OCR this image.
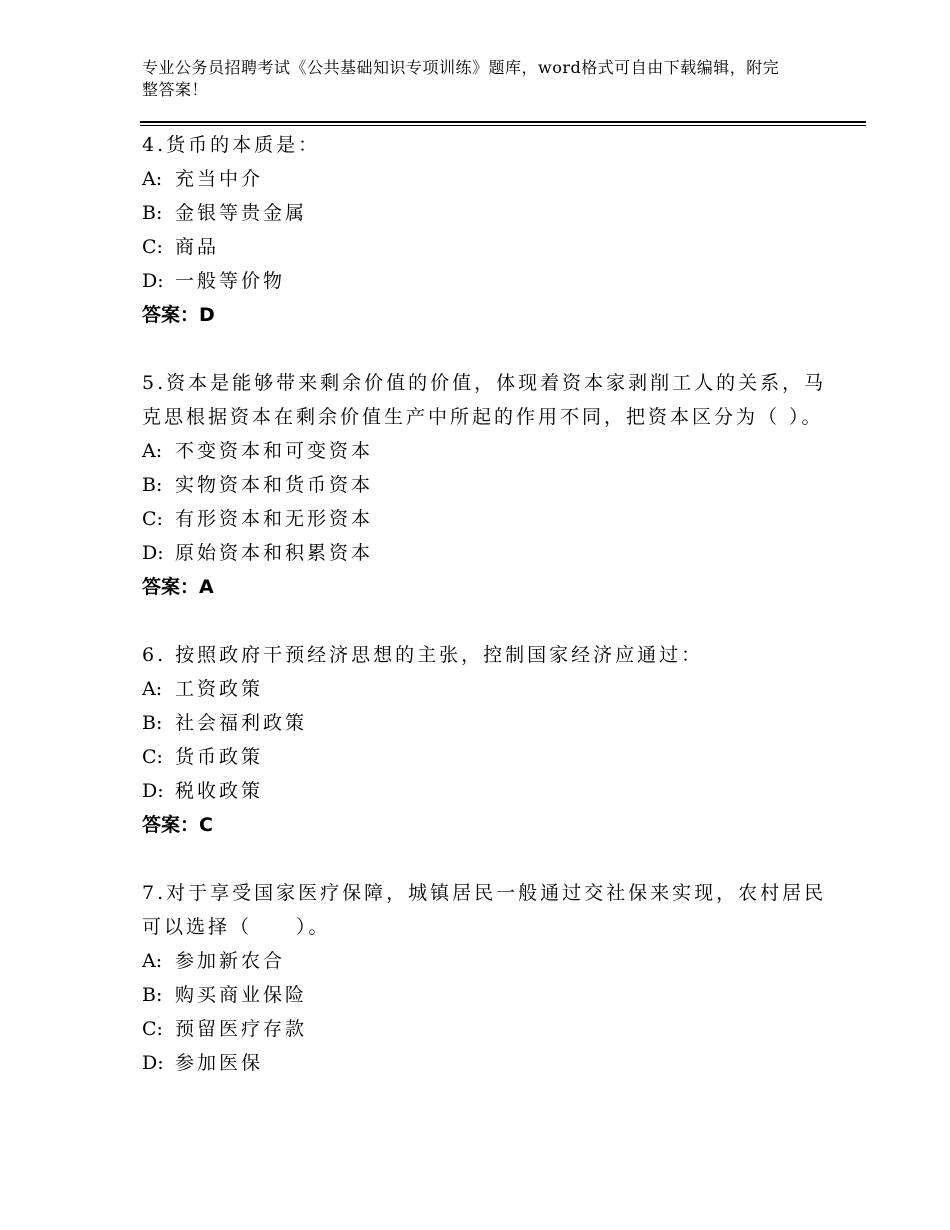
专业公务员招聘考试《公共基础知识专项训练》题库，word格式可自由下载编辑，附完整答案！
4.货币的本质是：
A: 充当中介
B: 金银等贵金属
C: 商品
D: 一般等价物
答案：D
5.资本是能够带来剩余价值的价值，体现着资本家剥削工人的关系，马克思根据资本在剩余价值生产中所起的作用不同，把资本区分为（ ）。
A: 不变资本和可变资本
B: 实物资本和货币资本
C: 有形资本和无形资本
D: 原始资本和积累资本
答案：A
6. 按照政府干预经济思想的主张，控制国家经济应通过：
A: 工资政策
B: 社会福利政策
C: 货币政策
D: 税收政策
答案：C
7.对于享受国家医疗保障，城镇居民一般通过交社保来实现，农村居民可以选择（　　）。
A: 参加新农合
B: 购买商业保险
C: 预留医疗存款
D: 参加医保
